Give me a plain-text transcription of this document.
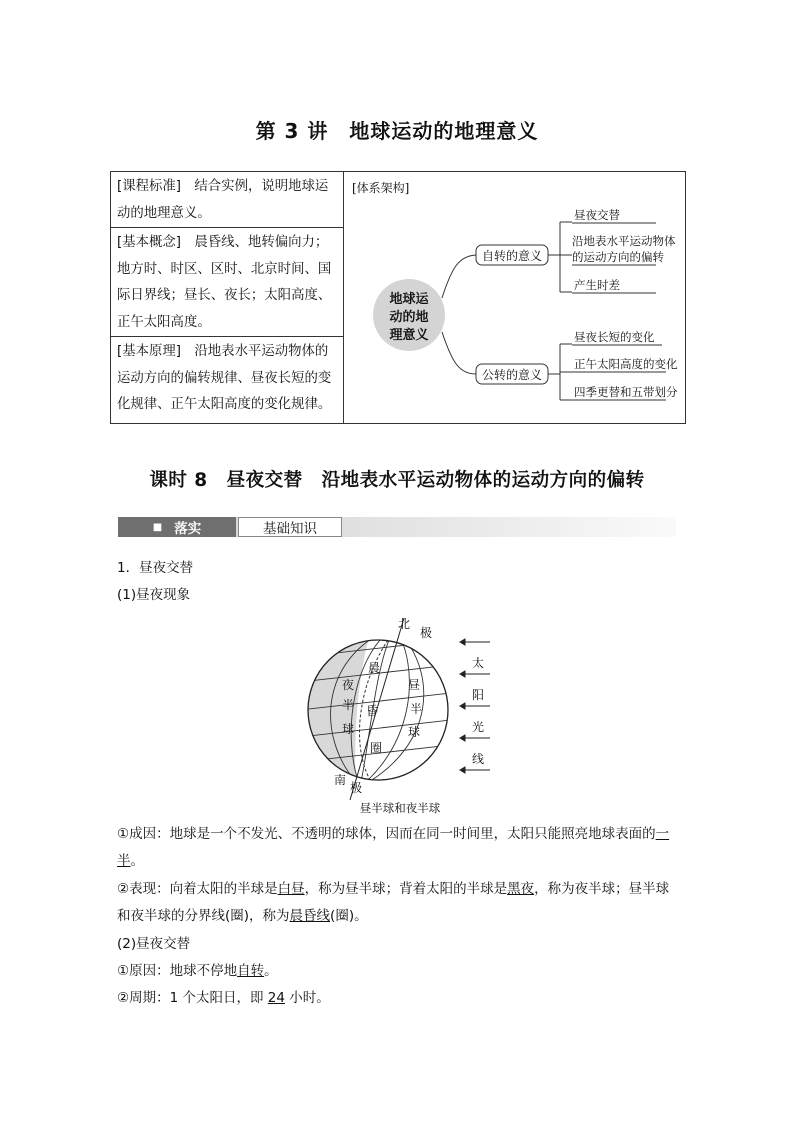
第 3 讲　地球运动的地理意义
[课程标准]　 结合实例，说明地球运
动的地理意义。
[基本概念]　 晨昏线、地转偏向力；
地方时、时区、区时、北京时间、国
际日界线；昼长、夜长；太阳高度、
正午太阳高度。
[基本原理]　 沿地表水平运动物体的
运动方向的偏转规律、昼夜长短的变
化规律、正午太阳高度的变化规律。

[体系架构]
地球运
动的地
理意义
自转的意义
昼夜交替
沿地表水平运动物体
的运动方向的偏转
产生时差
公转的意义
昼夜长短的变化
正午太阳高度的变化
四季更替和五带划分
课时 8　昼夜交替　沿地表水平运动物体的运动方向的偏转
■ 落实	基础知识
1．昼夜交替
(1)昼夜现象
北
极
南
极
夜
半
球
晨
昏
圈
昼
半
球
太
阳
光
线
昼半球和夜半球
①成因：地球是一个不发光、不透明的球体，因而在同一时间里，太阳只能照亮地球表面的一半。
②表现：向着太阳的半球是白昼，称为昼半球；背着太阳的半球是黑夜，称为夜半球；昼半球和夜半球的分界线(圈)，称为晨昏线(圈)。
(2)昼夜交替
①原因：地球不停地自转。
②周期：1 个太阳日，即 24 小时。
